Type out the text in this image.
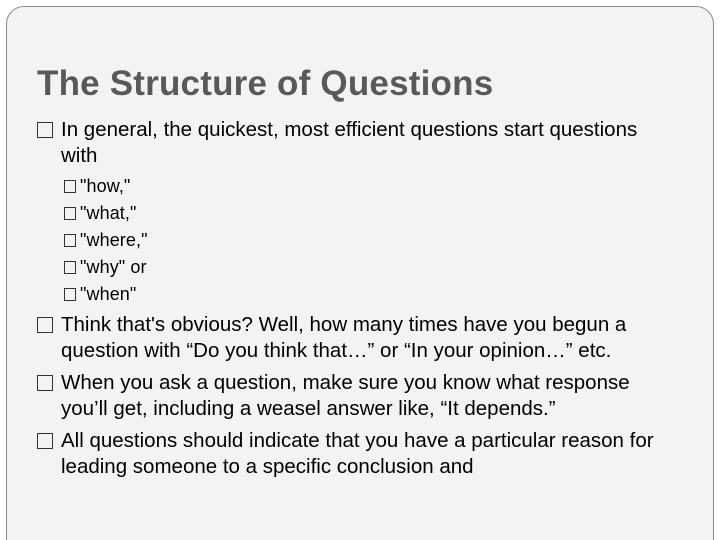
The Structure of Questions

In general, the quickest, most efficient questions start questions with

"how,"

"what,"

"where,"

"why" or

"when"

Think that's obvious? Well, how many times have you begun a question with “Do you think that…” or “In your opinion…” etc.

When you ask a question, make sure you know what response you’ll get, including a weasel answer like, “It depends.”

All questions should indicate that you have a particular reason for leading someone to a specific conclusion and
